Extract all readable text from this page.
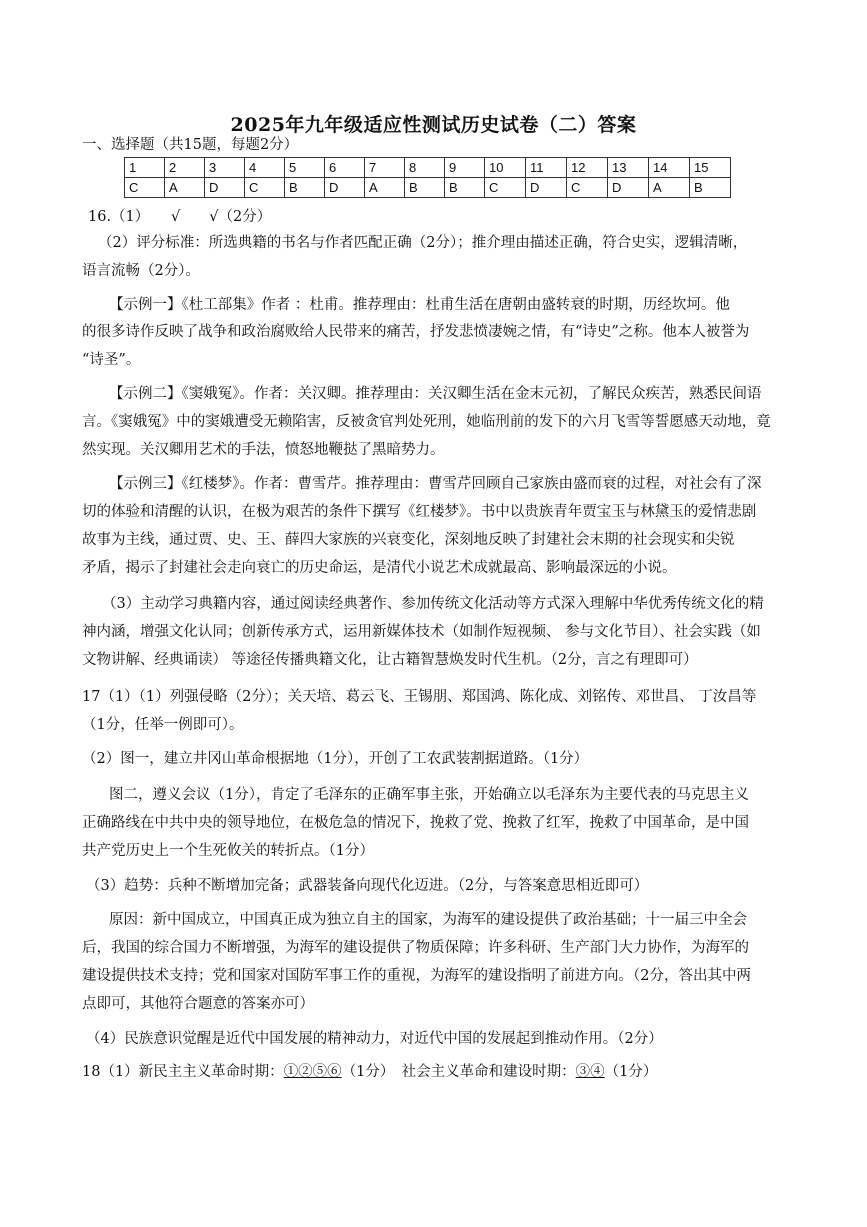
2025年九年级适应性测试历史试卷（二）答案
一、选择题（共15题，每题2分）
1	2	3	4	5	6	7	8	9	10	11	12	13	14	15
C	A	D	C	B	D	A	B	B	C	D	C	D	A	B
16.（1）　　√　　√（2分）
（2）评分标准：所选典籍的书名与作者匹配正确（2分）；推介理由描述正确，符合史实，逻辑清晰，
语言流畅（2分）。
【示例一】《杜工部集》作者 ：杜甫。推荐理由：杜甫生活在唐朝由盛转衰的时期，历经坎坷。他
的很多诗作反映了战争和政治腐败给人民带来的痛苦，抒发悲愤凄婉之情，有“诗史”之称。他本人被誉为
“诗圣”。
【示例二】《窦娥冤》。作者：关汉卿。推荐理由：关汉卿生活在金末元初，了解民众疾苦，熟悉民间语
言。《窦娥冤》中的窦娥遭受无赖陷害，反被贪官判处死刑，她临刑前的发下的六月飞雪等誓愿感天动地，竟
然实现。关汉卿用艺术的手法，愤怒地鞭挞了黑暗势力。
【示例三】《红楼梦》。作者：曹雪芹。推荐理由：曹雪芹回顾自己家族由盛而衰的过程，对社会有了深
切的体验和清醒的认识，在极为艰苦的条件下撰写《红楼梦》。书中以贵族青年贾宝玉与林黛玉的爱情悲剧
故事为主线，通过贾、史、王、薛四大家族的兴衰变化，深刻地反映了封建社会末期的社会现实和尖锐
矛盾，揭示了封建社会走向衰亡的历史命运，是清代小说艺术成就最高、影响最深远的小说。
（3）主动学习典籍内容，通过阅读经典著作、参加传统文化活动等方式深入理解中华优秀传统文化的精
神内涵，增强文化认同；创新传承方式，运用新媒体技术（如制作短视频、 参与文化节目）、社会实践（如
文物讲解、经典诵读） 等途径传播典籍文化，让古籍智慧焕发时代生机。（2分，言之有理即可）
17（1）（1）列强侵略（2分）；关天培、葛云飞、王锡朋、郑国鸿、陈化成、刘铭传、邓世昌、 丁汝昌等
（1分，任举一例即可）。
（2）图一，建立井冈山革命根据地（1分），开创了工农武装割据道路。（1分）
图二，遵义会议（1分），肯定了毛泽东的正确军事主张，开始确立以毛泽东为主要代表的马克思主义
正确路线在中共中央的领导地位，在极危急的情况下，挽救了党、挽救了红军，挽救了中国革命，是中国
共产党历史上一个生死攸关的转折点。（1分）
（3）趋势：兵种不断增加完备；武器装备向现代化迈进。（2分，与答案意思相近即可）
原因：新中国成立，中国真正成为独立自主的国家，为海军的建设提供了政治基础；十一届三中全会
后，我国的综合国力不断增强，为海军的建设提供了物质保障；许多科研、生产部门大力协作，为海军的
建设提供技术支持；党和国家对国防军事工作的重视，为海军的建设指明了前进方向。（2分，答出其中两
点即可，其他符合题意的答案亦可）
（4）民族意识觉醒是近代中国发展的精神动力，对近代中国的发展起到推动作用。（2分）
18（1）新民主主义革命时期：①②⑤⑥（1分）　社会主义革命和建设时期：③④（1分）
